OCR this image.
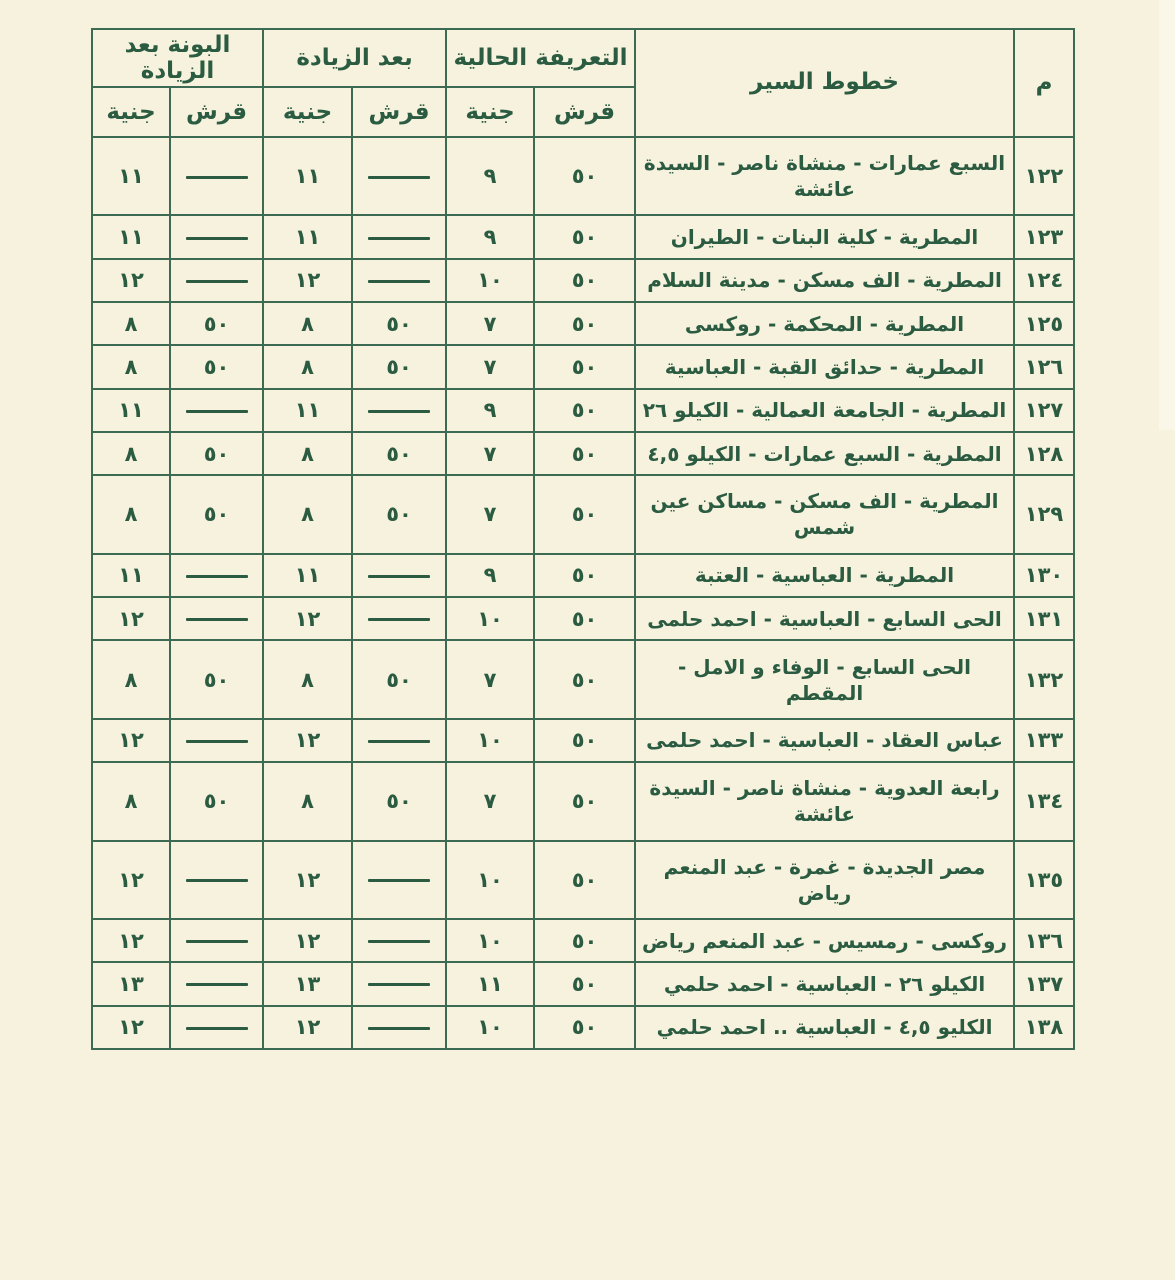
م	خطوط السير	التعريفة الحالية		بعد الزيادة		البونة بعد الزيادة	
		قرش	جنية	قرش	جنية	قرش	جنية
١٢٢	السبع عمارات - منشاة ناصر - السيدة عائشة	٥٠	٩		١١		١١
١٢٣	المطرية - كلية البنات - الطيران	٥٠	٩		١١		١١
١٢٤	المطرية - الف مسكن - مدينة السلام	٥٠	١٠		١٢		١٢
١٢٥	المطرية - المحكمة - روكسى	٥٠	٧	٥٠	٨	٥٠	٨
١٢٦	المطرية - حدائق القبة - العباسية	٥٠	٧	٥٠	٨	٥٠	٨
١٢٧	المطرية - الجامعة العمالية - الكيلو ٢٦	٥٠	٩		١١		١١
١٢٨	المطرية - السبع عمارات - الكيلو ٤,٥	٥٠	٧	٥٠	٨	٥٠	٨
١٢٩	المطرية - الف مسكن - مساكن عين شمس	٥٠	٧	٥٠	٨	٥٠	٨
١٣٠	المطرية - العباسية - العتبة	٥٠	٩		١١		١١
١٣١	الحى السابع - العباسية - احمد حلمى	٥٠	١٠		١٢		١٢
١٣٢	الحى السابع - الوفاء و الامل - المقطم	٥٠	٧	٥٠	٨	٥٠	٨
١٣٣	عباس العقاد - العباسية - احمد حلمى	٥٠	١٠		١٢		١٢
١٣٤	رابعة العدوية - منشاة ناصر - السيدة عائشة	٥٠	٧	٥٠	٨	٥٠	٨
١٣٥	مصر الجديدة - غمرة - عبد المنعم رياض	٥٠	١٠		١٢		١٢
١٣٦	روكسى - رمسيس - عبد المنعم رياض	٥٠	١٠		١٢		١٢
١٣٧	الكيلو ٢٦ - العباسية - احمد حلمي	٥٠	١١		١٣		١٣
١٣٨	الكليو ٤,٥ - العباسية .. احمد حلمي	٥٠	١٠		١٢		١٢
